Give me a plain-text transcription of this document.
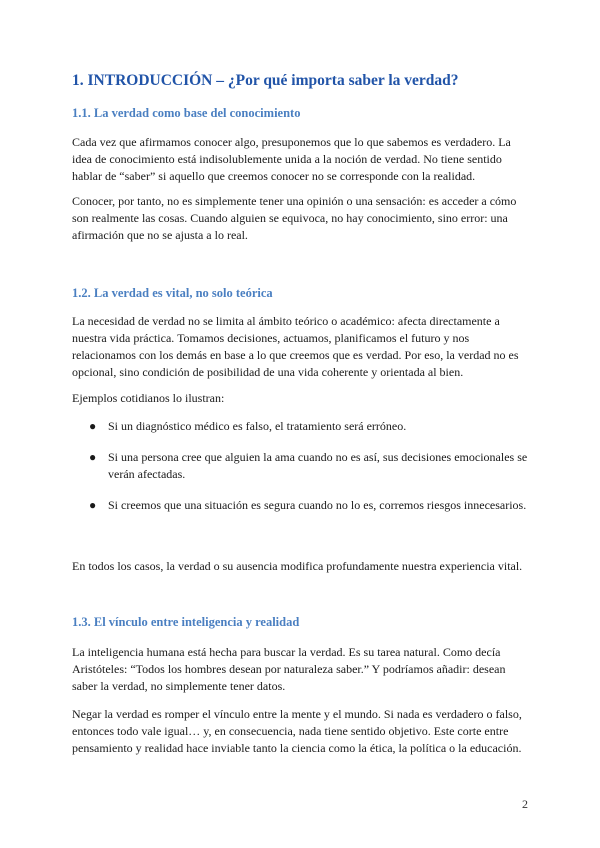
1. INTRODUCCIÓN – ¿Por qué importa saber la verdad?
1.1. La verdad como base del conocimiento

Cada vez que afirmamos conocer algo, presuponemos que lo que sabemos es verdadero. La idea de conocimiento está indisolublemente unida a la noción de verdad. No tiene sentido hablar de “saber” si aquello que creemos conocer no se corresponde con la realidad.

Conocer, por tanto, no es simplemente tener una opinión o una sensación: es acceder a cómo son realmente las cosas. Cuando alguien se equivoca, no hay conocimiento, sino error: una afirmación que no se ajusta a lo real.

1.2. La verdad es vital, no solo teórica

La necesidad de verdad no se limita al ámbito teórico o académico: afecta directamente a nuestra vida práctica. Tomamos decisiones, actuamos, planificamos el futuro y nos relacionamos con los demás en base a lo que creemos que es verdad. Por eso, la verdad no es opcional, sino condición de posibilidad de una vida coherente y orientada al bien.

Ejemplos cotidianos lo ilustran:

● Si un diagnóstico médico es falso, el tratamiento será erróneo.
● Si una persona cree que alguien la ama cuando no es así, sus decisiones emocionales se verán afectadas.
● Si creemos que una situación es segura cuando no lo es, corremos riesgos innecesarios.

En todos los casos, la verdad o su ausencia modifica profundamente nuestra experiencia vital.

1.3. El vínculo entre inteligencia y realidad

La inteligencia humana está hecha para buscar la verdad. Es su tarea natural. Como decía Aristóteles: “Todos los hombres desean por naturaleza saber.” Y podríamos añadir: desean saber la verdad, no simplemente tener datos.

Negar la verdad es romper el vínculo entre la mente y el mundo. Si nada es verdadero o falso, entonces todo vale igual… y, en consecuencia, nada tiene sentido objetivo. Este corte entre pensamiento y realidad hace inviable tanto la ciencia como la ética, la política o la educación.

2
